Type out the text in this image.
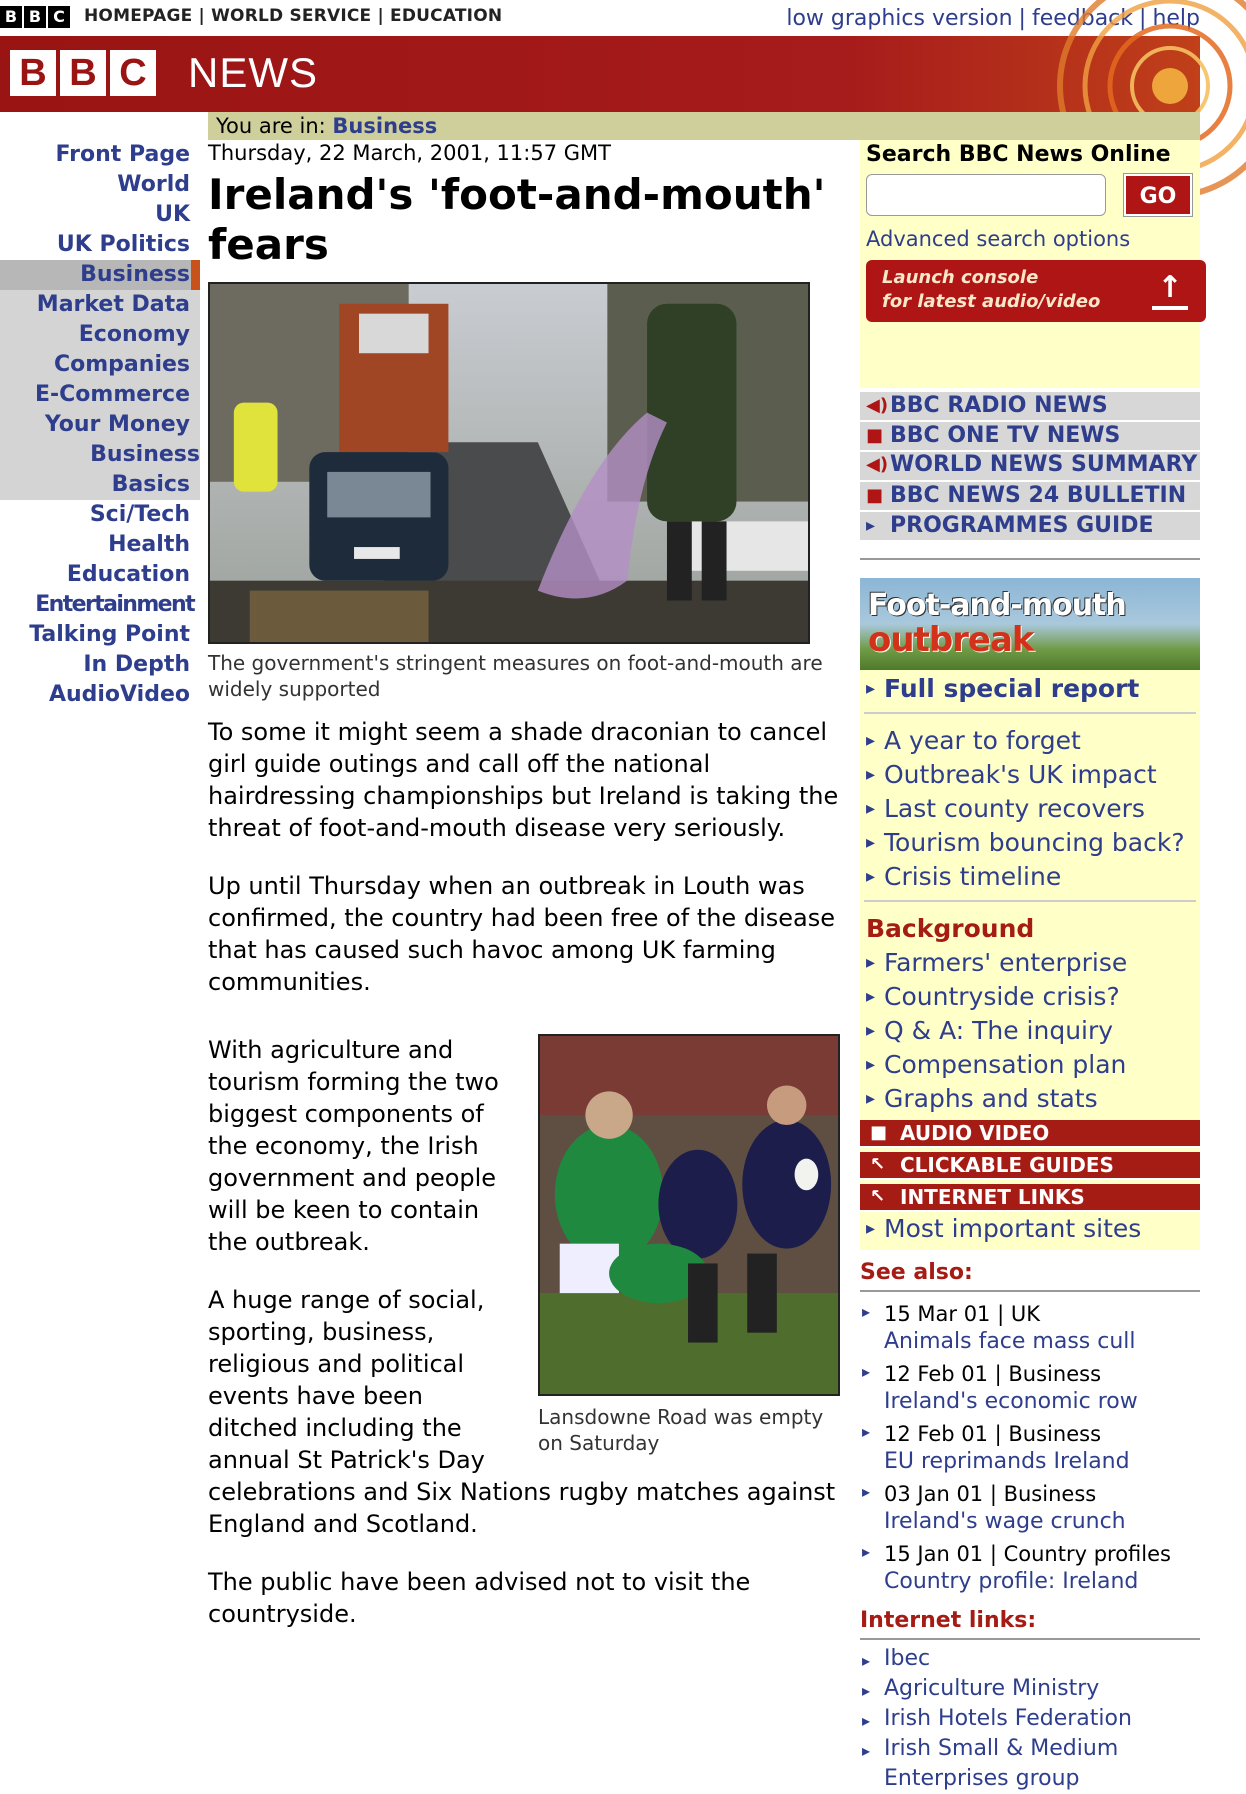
B B C	HOMEPAGE | WORLD SERVICE | EDUCATION	low graphics version | feedback | help
B B C NEWS
You are in: Business
Front Page
World
UK
UK Politics
Business
Market Data
Economy
Companies
E-Commerce
Your Money
Business
Basics
Sci/Tech
Health
Education
Entertainment
Talking Point
In Depth
AudioVideo
Thursday, 22 March, 2001, 11:57 GMT
Ireland's 'foot-and-mouth' fears
The government's stringent measures on foot-and-mouth are widely supported

To some it might seem a shade draconian to cancel girl guide outings and call off the national hairdressing championships but Ireland is taking the threat of foot-and-mouth disease very seriously.

Up until Thursday when an outbreak in Louth was confirmed, the country had been free of the disease that has caused such havoc among UK farming communities.

Lansdowne Road was empty on Saturday

With agriculture and tourism forming the two biggest components of the economy, the Irish government and people will be keen to contain the outbreak.

A huge range of social, sporting, business, religious and political events have been ditched including the annual St Patrick's Day celebrations and Six Nations rugby matches against England and Scotland.

The public have been advised not to visit the countryside.

Search BBC News Online
GO
Advanced search options
Launch console
for latest audio/video	↑
◀) BBC RADIO NEWS
■ BBC ONE TV NEWS
◀) WORLD NEWS SUMMARY
■ BBC NEWS 24 BULLETIN
▸ PROGRAMMES GUIDE
Foot-and-mouth
outbreak
▸ Full special report
▸ A year to forget
▸ Outbreak's UK impact
▸ Last county recovers
▸ Tourism bouncing back?
▸ Crisis timeline
Background
▸ Farmers' enterprise
▸ Countryside crisis?
▸ Q & A: The inquiry
▸ Compensation plan
▸ Graphs and stats
■ AUDIO VIDEO
↖ CLICKABLE GUIDES
↖ INTERNET LINKS
▸ Most important sites
See also:
▸ 15 Mar 01 | UK
Animals face mass cull
▸ 12 Feb 01 | Business
Ireland's economic row
▸ 12 Feb 01 | Business
EU reprimands Ireland
▸ 03 Jan 01 | Business
Ireland's wage crunch
▸ 15 Jan 01 | Country profiles
Country profile: Ireland
Internet links:
▸ Ibec
▸ Agriculture Ministry
▸ Irish Hotels Federation
▸ Irish Small & Medium Enterprises group
